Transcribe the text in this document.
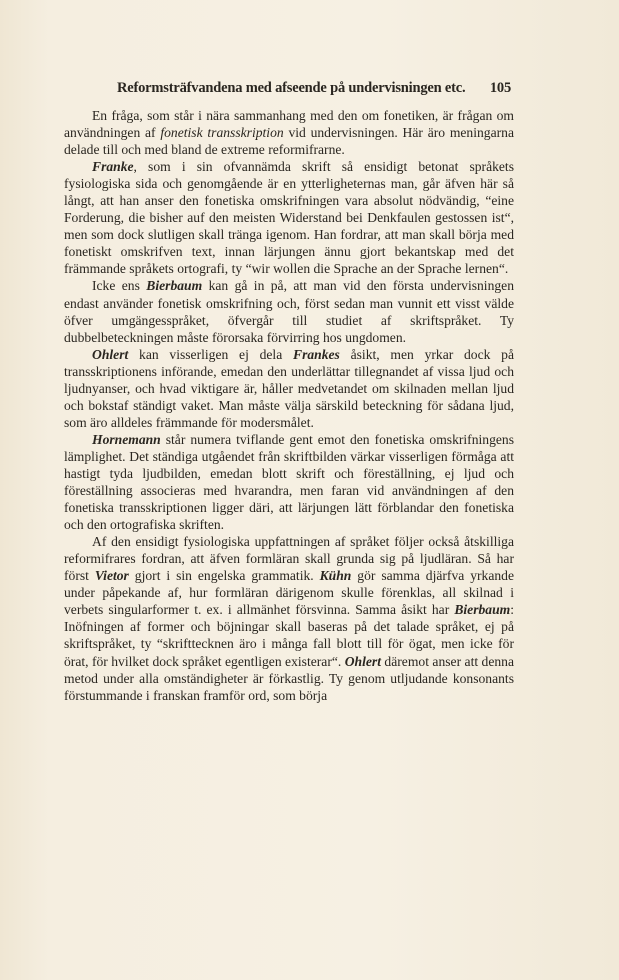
Reformsträfvandena med afseende på undervisningen etc. 105

En fråga, som står i nära sammanhang med den om fonetiken, är frågan om användningen af fonetisk transskription vid undervisningen. Här äro meningarna delade till och med bland de extreme reformifrarne.

Franke, som i sin ofvannämda skrift så ensidigt betonat språkets fysiologiska sida och genomgående är en ytterligheternas man, går äfven här så långt, att han anser den fonetiska omskrifningen vara absolut nödvändig, “eine Forderung, die bisher auf den meisten Widerstand bei Denkfaulen gestossen ist“, men som dock slutligen skall tränga igenom. Han fordrar, att man skall börja med fonetiskt omskrifven text, innan lärjungen ännu gjort bekantskap med det främmande språkets ortografi, ty “wir wollen die Sprache an der Sprache lernen“.

Icke ens Bierbaum kan gå in på, att man vid den första undervisningen endast använder fonetisk omskrifning och, först sedan man vunnit ett visst välde öfver umgängesspråket, öfvergår till studiet af skriftspråket. Ty dubbelbeteckningen måste förorsaka förvirring hos ungdomen.

Ohlert kan visserligen ej dela Frankes åsikt, men yrkar dock på transskriptionens införande, emedan den underlättar tillegnandet af vissa ljud och ljudnyanser, och hvad viktigare är, håller medvetandet om skilnaden mellan ljud och bokstaf ständigt vaket. Man måste välja särskild beteckning för sådana ljud, som äro alldeles främmande för modersmålet.

Hornemann står numera tviflande gent emot den fonetiska omskrifningens lämplighet. Det ständiga utgåendet från skriftbilden värkar visserligen förmåga att hastigt tyda ljudbilden, emedan blott skrift och föreställning, ej ljud och föreställning associeras med hvarandra, men faran vid användningen af den fonetiska transskriptionen ligger däri, att lärjungen lätt förblandar den fonetiska och den ortografiska skriften.

Af den ensidigt fysiologiska uppfattningen af språket följer också åtskilliga reformifrares fordran, att äfven formläran skall grunda sig på ljudläran. Så har först Vietor gjort i sin engelska grammatik. Kühn gör samma djärfva yrkande under påpekande af, hur formläran därigenom skulle förenklas, all skilnad i verbets singularformer t. ex. i allmänhet försvinna. Samma åsikt har Bierbaum: Inöfningen af former och böjningar skall baseras på det talade språket, ej på skriftspråket, ty “skrifttecknen äro i många fall blott till för ögat, men icke för örat, för hvilket dock språket egentligen existerar“. Ohlert däremot anser att denna metod under alla omständigheter är förkastlig. Ty genom utljudande konsonants förstummande i franskan framför ord, som börja
